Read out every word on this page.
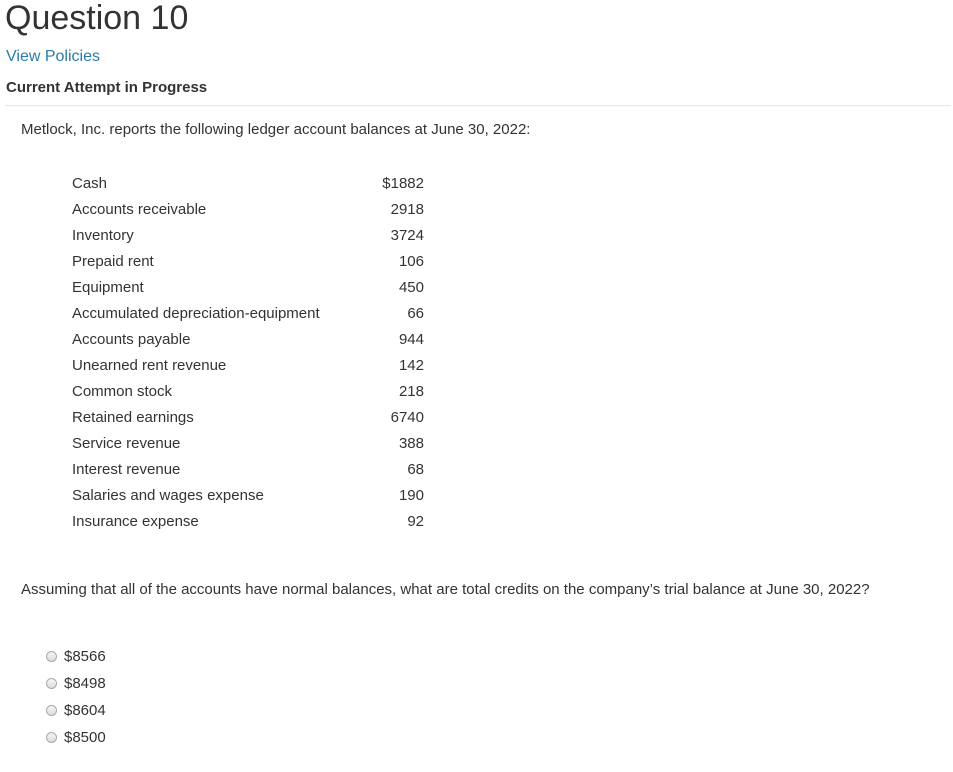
Question 10
View Policies
Current Attempt in Progress
Metlock, Inc. reports the following ledger account balances at June 30, 2022:
Cash	$1882
Accounts receivable	2918
Inventory	3724
Prepaid rent	106
Equipment	450
Accumulated depreciation-equipment	66
Accounts payable	944
Unearned rent revenue	142
Common stock	218
Retained earnings	6740
Service revenue	388
Interest revenue	68
Salaries and wages expense	190
Insurance expense	92
Assuming that all of the accounts have normal balances, what are total credits on the company’s trial balance at June 30, 2022?
$8566
$8498
$8604
$8500
